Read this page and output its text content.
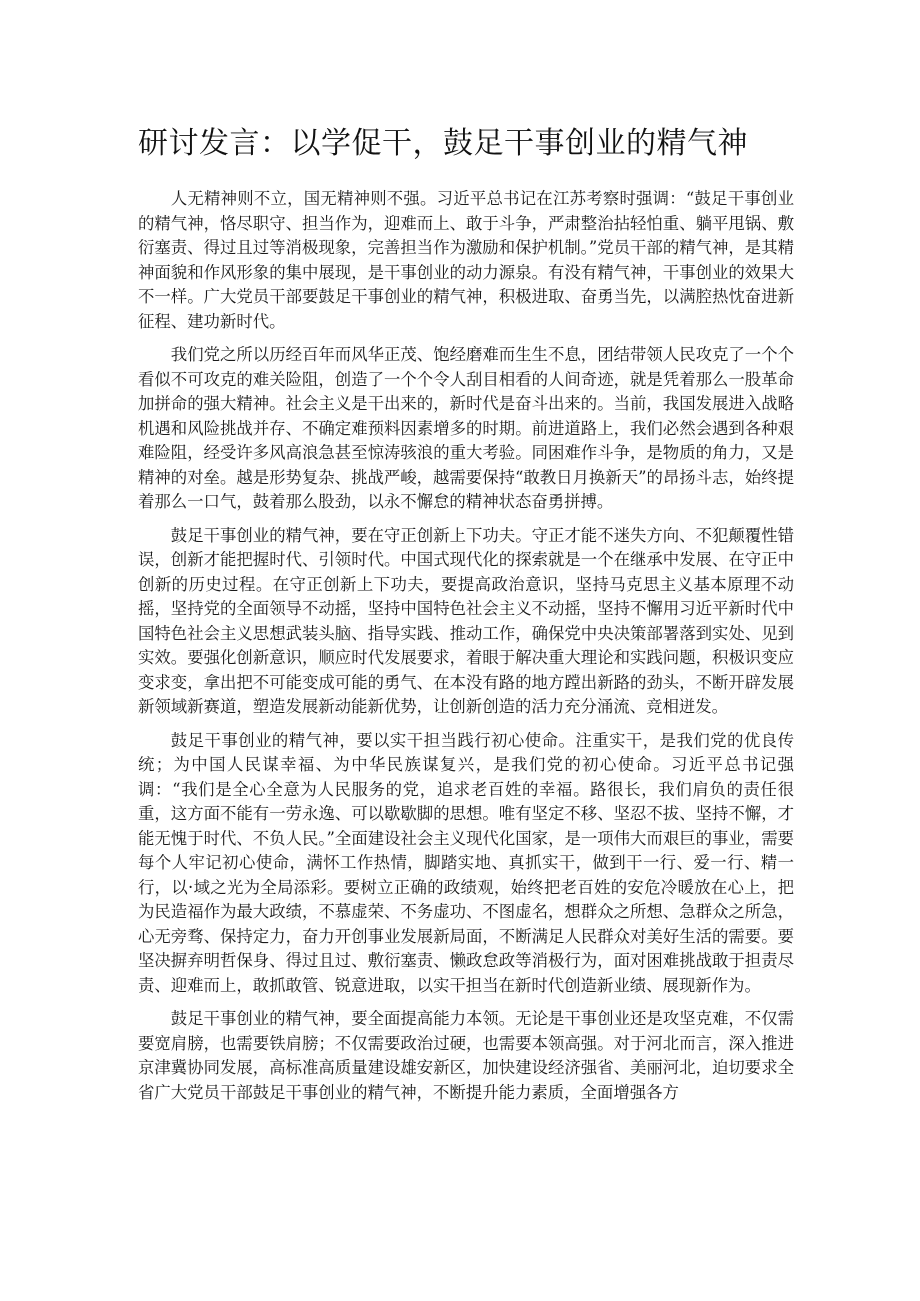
研讨发言：以学促干，鼓足干事创业的精气神

人无精神则不立，国无精神则不强。习近平总书记在江苏考察时强调：“鼓足干事创业的精气神，恪尽职守、担当作为，迎难而上、敢于斗争，严肃整治拈轻怕重、躺平甩锅、敷衍塞责、得过且过等消极现象，完善担当作为激励和保护机制。”党员干部的精气神，是其精神面貌和作风形象的集中展现，是干事创业的动力源泉。有没有精气神，干事创业的效果大不一样。广大党员干部要鼓足干事创业的精气神，积极进取、奋勇当先，以满腔热忱奋进新征程、建功新时代。

我们党之所以历经百年而风华正茂、饱经磨难而生生不息，团结带领人民攻克了一个个看似不可攻克的难关险阻，创造了一个个令人刮目相看的人间奇迹，就是凭着那么一股革命加拼命的强大精神。社会主义是干出来的，新时代是奋斗出来的。当前，我国发展进入战略机遇和风险挑战并存、不确定难预料因素增多的时期。前进道路上，我们必然会遇到各种艰难险阻，经受许多风高浪急甚至惊涛骇浪的重大考验。同困难作斗争，是物质的角力，又是精神的对垒。越是形势复杂、挑战严峻，越需要保持“敢教日月换新天”的昂扬斗志，始终提着那么一口气，鼓着那么股劲，以永不懈怠的精神状态奋勇拼搏。

鼓足干事创业的精气神，要在守正创新上下功夫。守正才能不迷失方向、不犯颠覆性错误，创新才能把握时代、引领时代。中国式现代化的探索就是一个在继承中发展、在守正中创新的历史过程。在守正创新上下功夫，要提高政治意识，坚持马克思主义基本原理不动摇，坚持党的全面领导不动摇，坚持中国特色社会主义不动摇，坚持不懈用习近平新时代中国特色社会主义思想武装头脑、指导实践、推动工作，确保党中央决策部署落到实处、见到实效。要强化创新意识，顺应时代发展要求，着眼于解决重大理论和实践问题，积极识变应变求变，拿出把不可能变成可能的勇气、在本没有路的地方蹚出新路的劲头，不断开辟发展新领域新赛道，塑造发展新动能新优势，让创新创造的活力充分涌流、竞相迸发。

鼓足干事创业的精气神，要以实干担当践行初心使命。注重实干，是我们党的优良传统；为中国人民谋幸福、为中华民族谋复兴，是我们党的初心使命。习近平总书记强调：“我们是全心全意为人民服务的党，追求老百姓的幸福。路很长，我们肩负的责任很重，这方面不能有一劳永逸、可以歇歇脚的思想。唯有坚定不移、坚忍不拔、坚持不懈，才能无愧于时代、不负人民。”全面建设社会主义现代化国家，是一项伟大而艰巨的事业，需要每个人牢记初心使命，满怀工作热情，脚踏实地、真抓实干，做到干一行、爱一行、精一行，以·域之光为全局添彩。要树立正确的政绩观，始终把老百姓的安危冷暖放在心上，把为民造福作为最大政绩，不慕虚荣、不务虚功、不图虚名，想群众之所想、急群众之所急，心无旁骛、保持定力，奋力开创事业发展新局面，不断满足人民群众对美好生活的需要。要坚决摒弃明哲保身、得过且过、敷衍塞责、懒政怠政等消极行为，面对困难挑战敢于担责尽责、迎难而上，敢抓敢管、锐意进取，以实干担当在新时代创造新业绩、展现新作为。

鼓足干事创业的精气神，要全面提高能力本领。无论是干事创业还是攻坚克难，不仅需要宽肩膀，也需要铁肩膀；不仅需要政治过硬，也需要本领高强。对于河北而言，深入推进京津冀协同发展，高标准高质量建设雄安新区，加快建设经济强省、美丽河北，迫切要求全省广大党员干部鼓足干事创业的精气神，不断提升能力素质，全面增强各方
